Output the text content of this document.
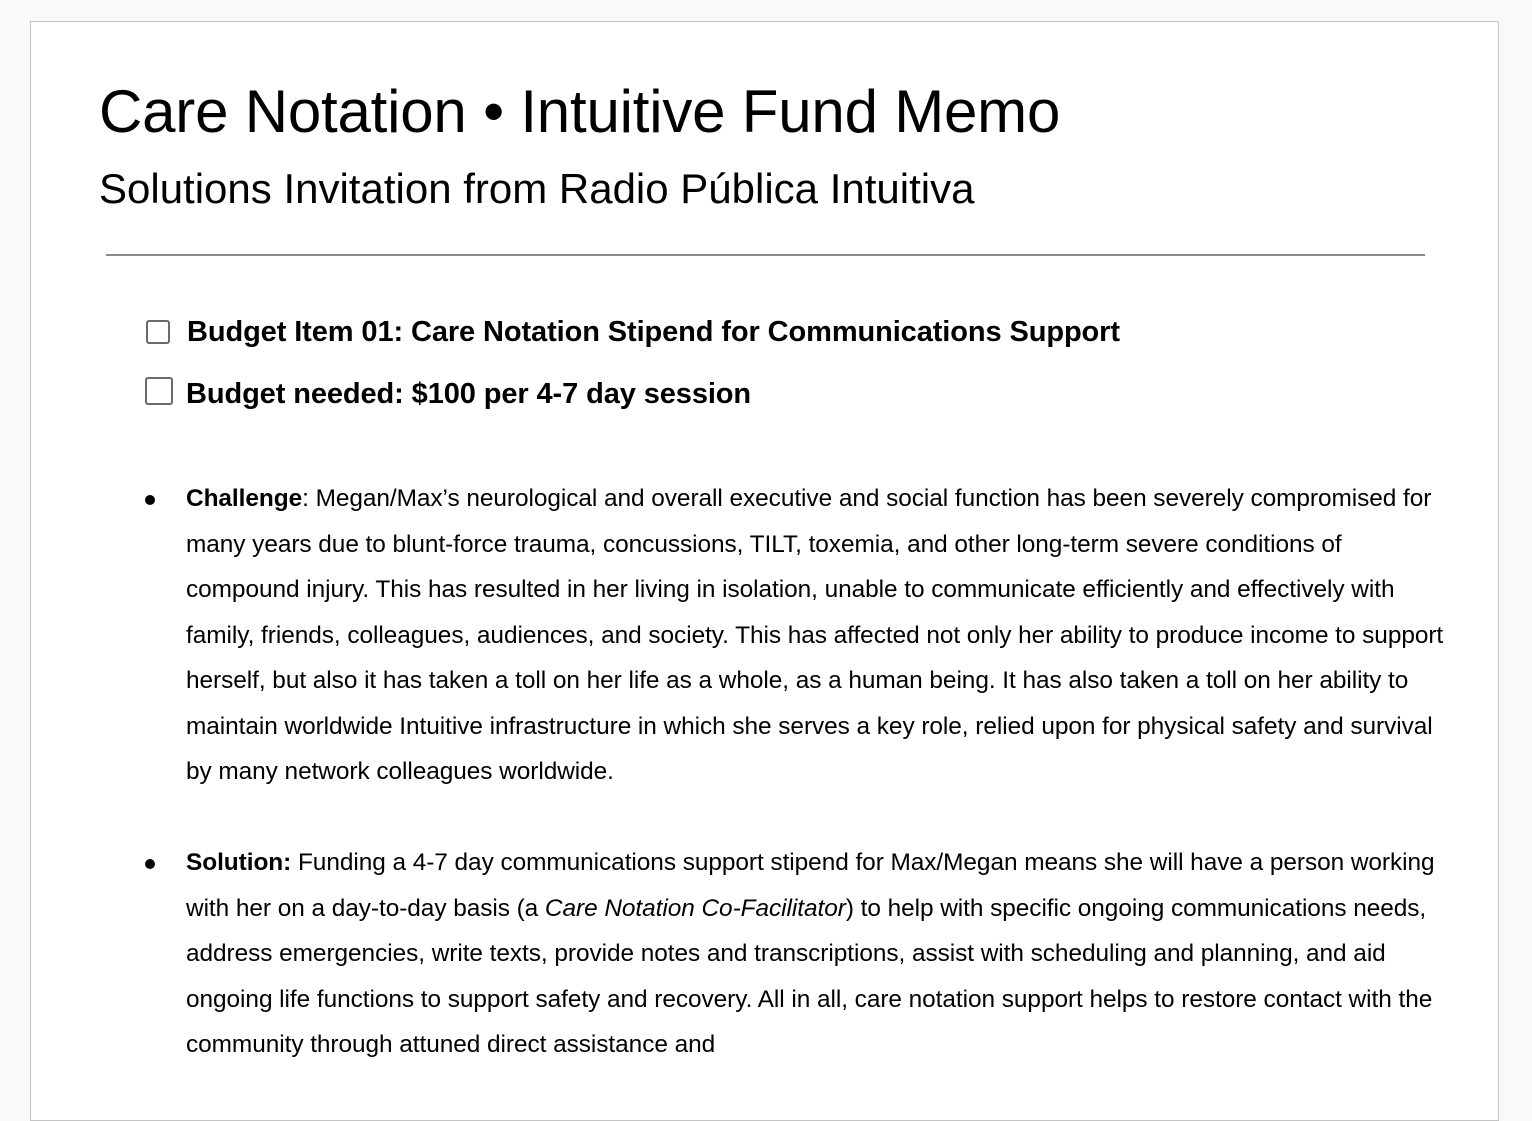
Care Notation • Intuitive Fund Memo
Solutions Invitation from Radio Pública Intuitiva
Budget Item 01: Care Notation Stipend for Communications Support
Budget needed: $100 per 4-7 day session
Challenge: Megan/Max’s neurological and overall executive and social function has been severely compromised for many years due to blunt-force trauma, concussions, TILT, toxemia, and other long-term severe conditions of compound injury. This has resulted in her living in isolation, unable to communicate efficiently and effectively with family, friends, colleagues, audiences, and society. This has affected not only her ability to produce income to support herself, but also it has taken a toll on her life as a whole, as a human being. It has also taken a toll on her ability to maintain worldwide Intuitive infrastructure in which she serves a key role, relied upon for physical safety and survival by many network colleagues worldwide.
Solution: Funding a 4-7 day communications support stipend for Max/Megan means she will have a person working with her on a day-to-day basis (a Care Notation Co-Facilitator) to help with specific ongoing communications needs, address emergencies, write texts, provide notes and transcriptions, assist with scheduling and planning, and aid ongoing life functions to support safety and recovery. All in all, care notation support helps to restore contact with the community through attuned direct assistance and
